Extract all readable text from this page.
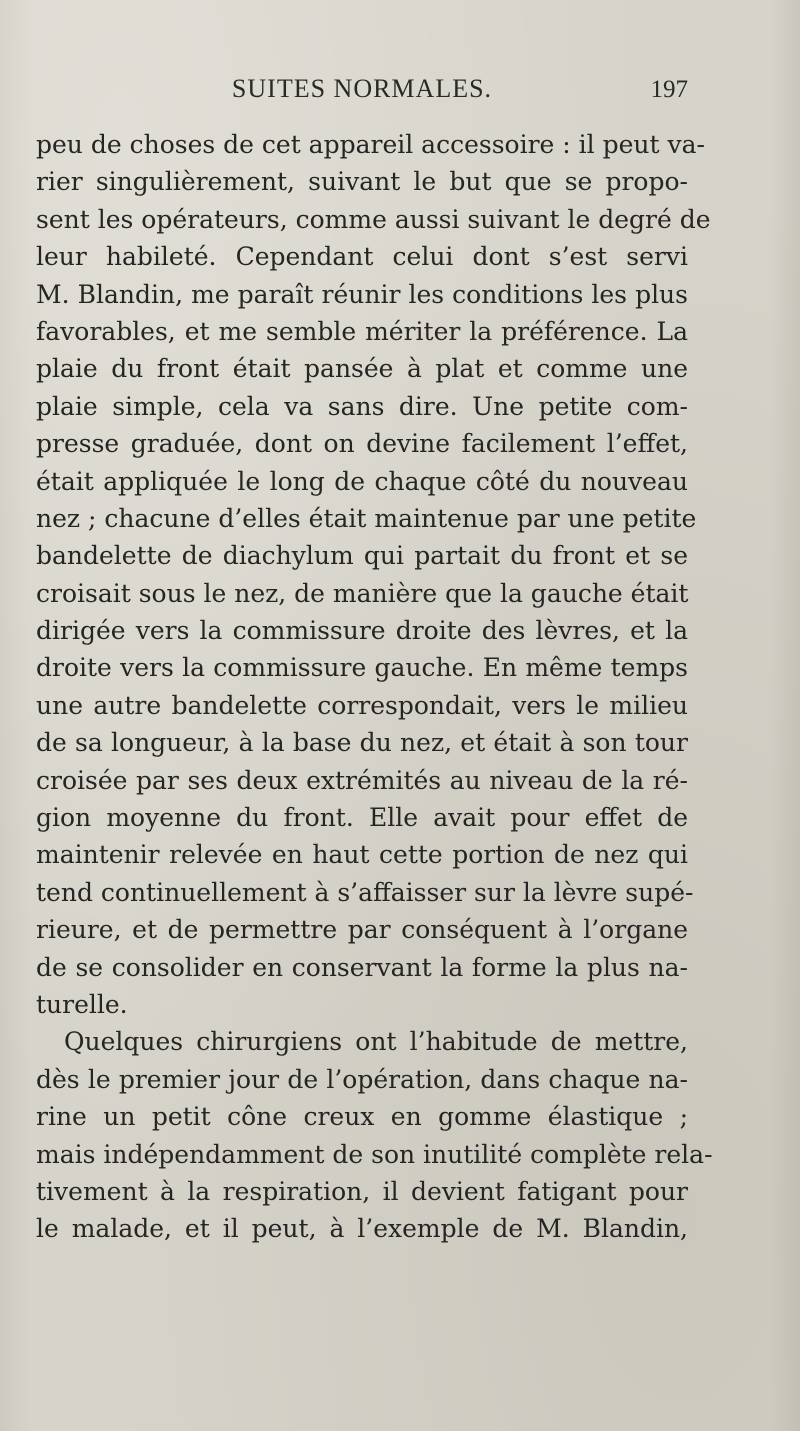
SUITES NORMALES.	197
peu de choses de cet appareil accessoire : il peut va-
rier singulièrement, suivant le but que se propo-
sent les opérateurs, comme aussi suivant le degré de
leur habileté. Cependant celui dont s’est servi
M. Blandin, me paraît réunir les conditions les plus
favorables, et me semble mériter la préférence. La
plaie du front était pansée à plat et comme une
plaie simple, cela va sans dire. Une petite com-
presse graduée, dont on devine facilement l’effet,
était appliquée le long de chaque côté du nouveau
nez ; chacune d’elles était maintenue par une petite
bandelette de diachylum qui partait du front et se
croisait sous le nez, de manière que la gauche était
dirigée vers la commissure droite des lèvres, et la
droite vers la commissure gauche. En même temps
une autre bandelette correspondait, vers le milieu
de sa longueur, à la base du nez, et était à son tour
croisée par ses deux extrémités au niveau de la ré-
gion moyenne du front. Elle avait pour effet de
maintenir relevée en haut cette portion de nez qui
tend continuellement à s’affaisser sur la lèvre supé-
rieure, et de permettre par conséquent à l’organe
de se consolider en conservant la forme la plus na-
turelle.
Quelques chirurgiens ont l’habitude de mettre,
dès le premier jour de l’opération, dans chaque na-
rine un petit cône creux en gomme élastique ;
mais indépendamment de son inutilité complète rela-
tivement à la respiration, il devient fatigant pour
le malade, et il peut, à l’exemple de M. Blandin,
